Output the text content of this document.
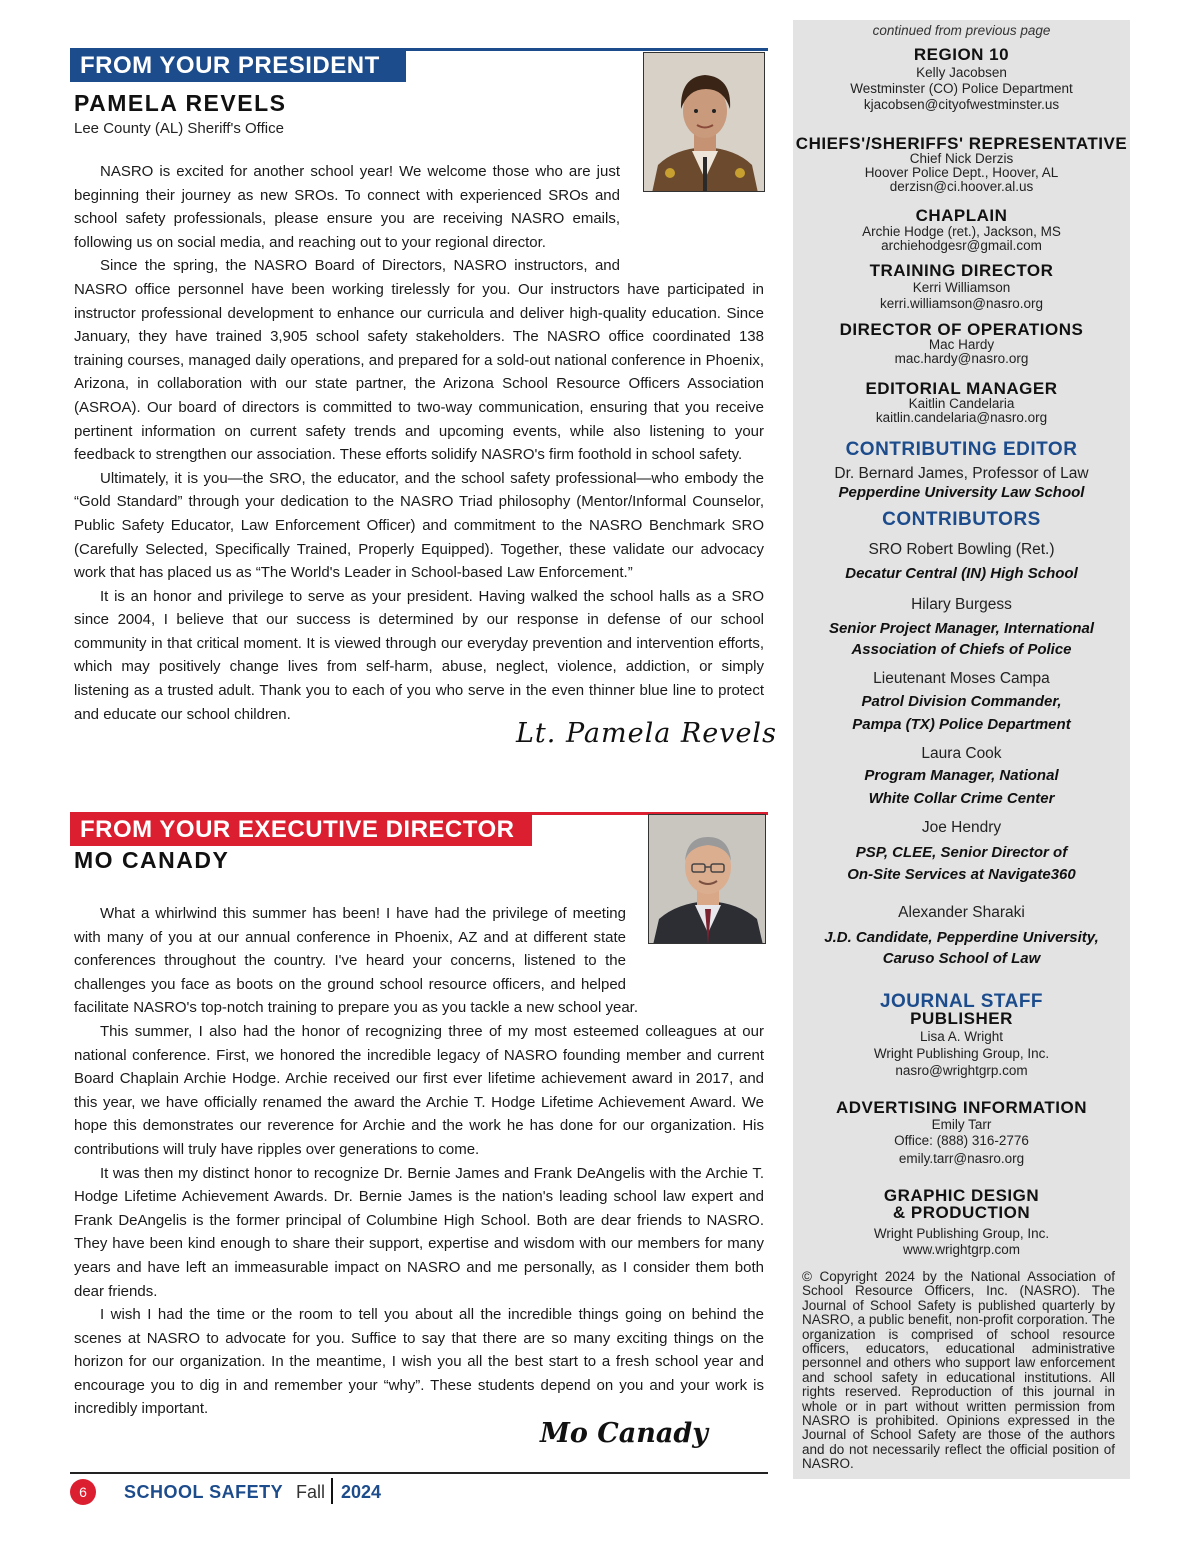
FROM YOUR PRESIDENT
PAMELA REVELS
Lee County (AL) Sheriff's Office

NASRO is excited for another school year! We welcome those who are just beginning their journey as new SROs. To connect with experienced SROs and school safety professionals, please ensure you are receiving NASRO emails, following us on social media, and reaching out to your regional director.

Since the spring, the NASRO Board of Directors, NASRO instructors, and NASRO office personnel have been working tirelessly for you. Our instructors have participated in instructor professional development to enhance our curricula and deliver high-quality education. Since January, they have trained 3,905 school safety stakeholders. The NASRO office coordinated 138 training courses, managed daily operations, and prepared for a sold-out national conference in Phoenix, Arizona, in collaboration with our state partner, the Arizona School Resource Officers Association (ASROA). Our board of directors is committed to two-way communication, ensuring that you receive pertinent information on current safety trends and upcoming events, while also listening to your feedback to strengthen our association. These efforts solidify NASRO's firm foothold in school safety.

Ultimately, it is you—the SRO, the educator, and the school safety professional—who embody the “Gold Standard” through your dedication to the NASRO Triad philosophy (Mentor/Informal Counselor, Public Safety Educator, Law Enforcement Officer) and commitment to the NASRO Benchmark SRO (Carefully Selected, Specifically Trained, Properly Equipped). Together, these validate our advocacy work that has placed us as “The World's Leader in School-based Law Enforcement.”

It is an honor and privilege to serve as your president. Having walked the school halls as a SRO since 2004, I believe that our success is determined by our response in defense of our school community in that critical moment. It is viewed through our everyday prevention and intervention efforts, which may positively change lives from self-harm, abuse, neglect, violence, addiction, or simply listening as a trusted adult. Thank you to each of you who serve in the even thinner blue line to protect and educate our school children.

Lt. Pamela Revels
FROM YOUR EXECUTIVE DIRECTOR
MO CANADY

What a whirlwind this summer has been! I have had the privilege of meeting with many of you at our annual conference in Phoenix, AZ and at different state conferences throughout the country. I've heard your concerns, listened to the challenges you face as boots on the ground school resource officers, and helped facilitate NASRO's top-notch training to prepare you as you tackle a new school year.

This summer, I also had the honor of recognizing three of my most esteemed colleagues at our national conference. First, we honored the incredible legacy of NASRO founding member and current Board Chaplain Archie Hodge. Archie received our first ever lifetime achievement award in 2017, and this year, we have officially renamed the award the Archie T. Hodge Lifetime Achievement Award. We hope this demonstrates our reverence for Archie and the work he has done for our organization. His contributions will truly have ripples over generations to come.

It was then my distinct honor to recognize Dr. Bernie James and Frank DeAngelis with the Archie T. Hodge Lifetime Achievement Awards. Dr. Bernie James is the nation's leading school law expert and Frank DeAngelis is the former principal of Columbine High School. Both are dear friends to NASRO. They have been kind enough to share their support, expertise and wisdom with our members for many years and have left an immeasurable impact on NASRO and me personally, as I consider them both dear friends.

I wish I had the time or the room to tell you about all the incredible things going on behind the scenes at NASRO to advocate for you. Suffice to say that there are so many exciting things on the horizon for our organization. In the meantime, I wish you all the best start to a fresh school year and encourage you to dig in and remember your “why”. These students depend on you and your work is incredibly important.

Mo Canady
6	SCHOOL SAFETY Fall 2024
continued from previous page
REGION 10
Kelly Jacobsen
Westminster (CO) Police Department
kjacobsen@cityofwestminster.us
CHIEFS'/SHERIFFS' REPRESENTATIVE
Chief Nick Derzis
Hoover Police Dept., Hoover, AL
derzisn@ci.hoover.al.us
CHAPLAIN
Archie Hodge (ret.), Jackson, MS
archiehodgesr@gmail.com
TRAINING DIRECTOR
Kerri Williamson
kerri.williamson@nasro.org
DIRECTOR OF OPERATIONS
Mac Hardy
mac.hardy@nasro.org
EDITORIAL MANAGER
Kaitlin Candelaria
kaitlin.candelaria@nasro.org
CONTRIBUTING EDITOR
Dr. Bernard James, Professor of Law
Pepperdine University Law School
CONTRIBUTORS
SRO Robert Bowling (Ret.)
Decatur Central (IN) High School
Hilary Burgess
Senior Project Manager, International
Association of Chiefs of Police
Lieutenant Moses Campa
Patrol Division Commander,
Pampa (TX) Police Department
Laura Cook
Program Manager, National
White Collar Crime Center
Joe Hendry
PSP, CLEE, Senior Director of
On-Site Services at Navigate360
Alexander Sharaki
J.D. Candidate, Pepperdine University,
Caruso School of Law
JOURNAL STAFF
PUBLISHER
Lisa A. Wright
Wright Publishing Group, Inc.
nasro@wrightgrp.com
ADVERTISING INFORMATION
Emily Tarr
Office: (888) 316-2776
emily.tarr@nasro.org
GRAPHIC DESIGN
& PRODUCTION
Wright Publishing Group, Inc.
www.wrightgrp.com
© Copyright 2024 by the National Association of School Resource Officers, Inc. (NASRO). The Journal of School Safety is published quarterly by NASRO, a public benefit, non-profit corporation. The organization is comprised of school resource officers, educators, educational administrative personnel and others who support law enforcement and school safety in educational institutions. All rights reserved. Reproduction of this journal in whole or in part without written permission from NASRO is prohibited. Opinions expressed in the Journal of School Safety are those of the authors and do not necessarily reflect the official position of NASRO.
